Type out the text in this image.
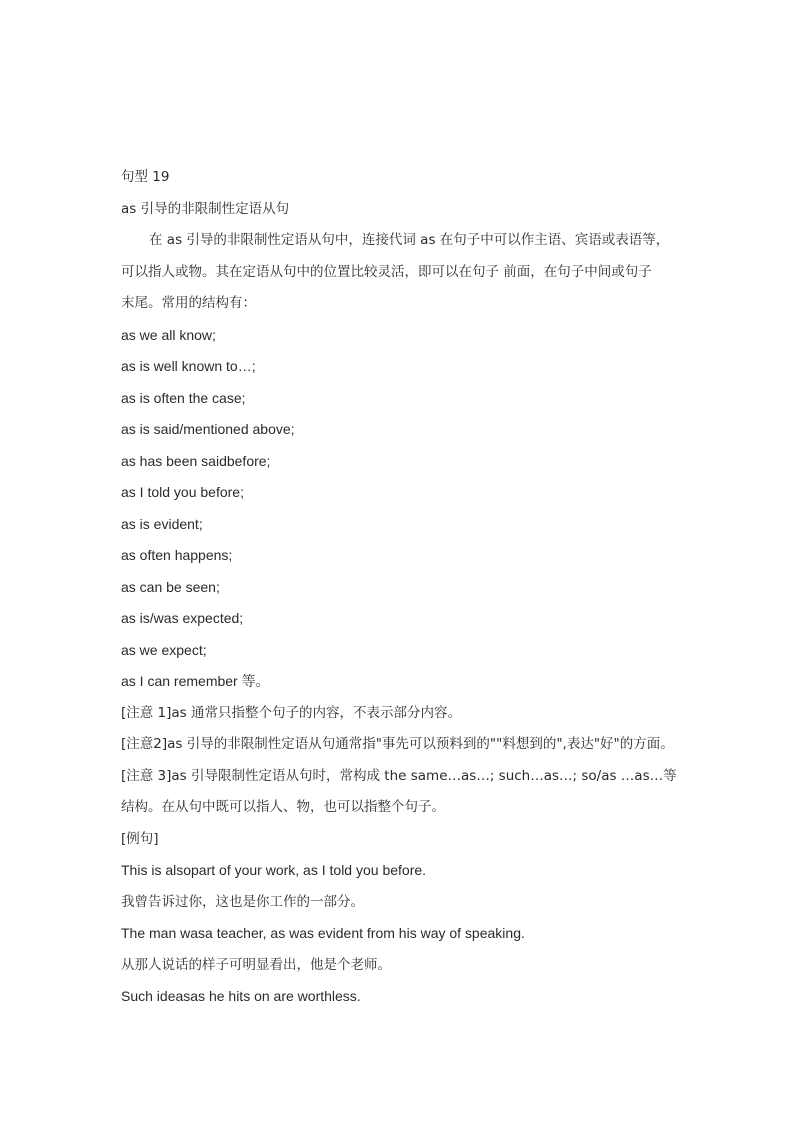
句型 19
as 引导的非限制性定语从句
在 as 引导的非限制性定语从句中，连接代词 as 在句子中可以作主语、宾语或表语等，
可以指人或物。其在定语从句中的位置比较灵活，即可以在句子 前面，在句子中间或句子
末尾。常用的结构有：
as we all know;
as is well known to…;
as is often the case;
as is said/mentioned above;
as has been saidbefore;
as I told you before;
as is evident;
as often happens;
as can be seen;
as is/was expected;
as we expect;
as I can remember 等。
[注意 1]as 通常只指整个句子的内容，不表示部分内容。
[注意2]as 引导的非限制性定语从句通常指"事先可以预料到的""料想到的",表达"好"的方面。
[注意 3]as 引导限制性定语从句时，常构成 the same…as…; such…as…; so/as …as…等
结构。在从句中既可以指人、物，也可以指整个句子。
[例句]
This is alsopart of your work, as I told you before.
我曾告诉过你，这也是你工作的一部分。
The man wasa teacher, as was evident from his way of speaking.
从那人说话的样子可明显看出，他是个老师。
Such ideasas he hits on are worthless.
